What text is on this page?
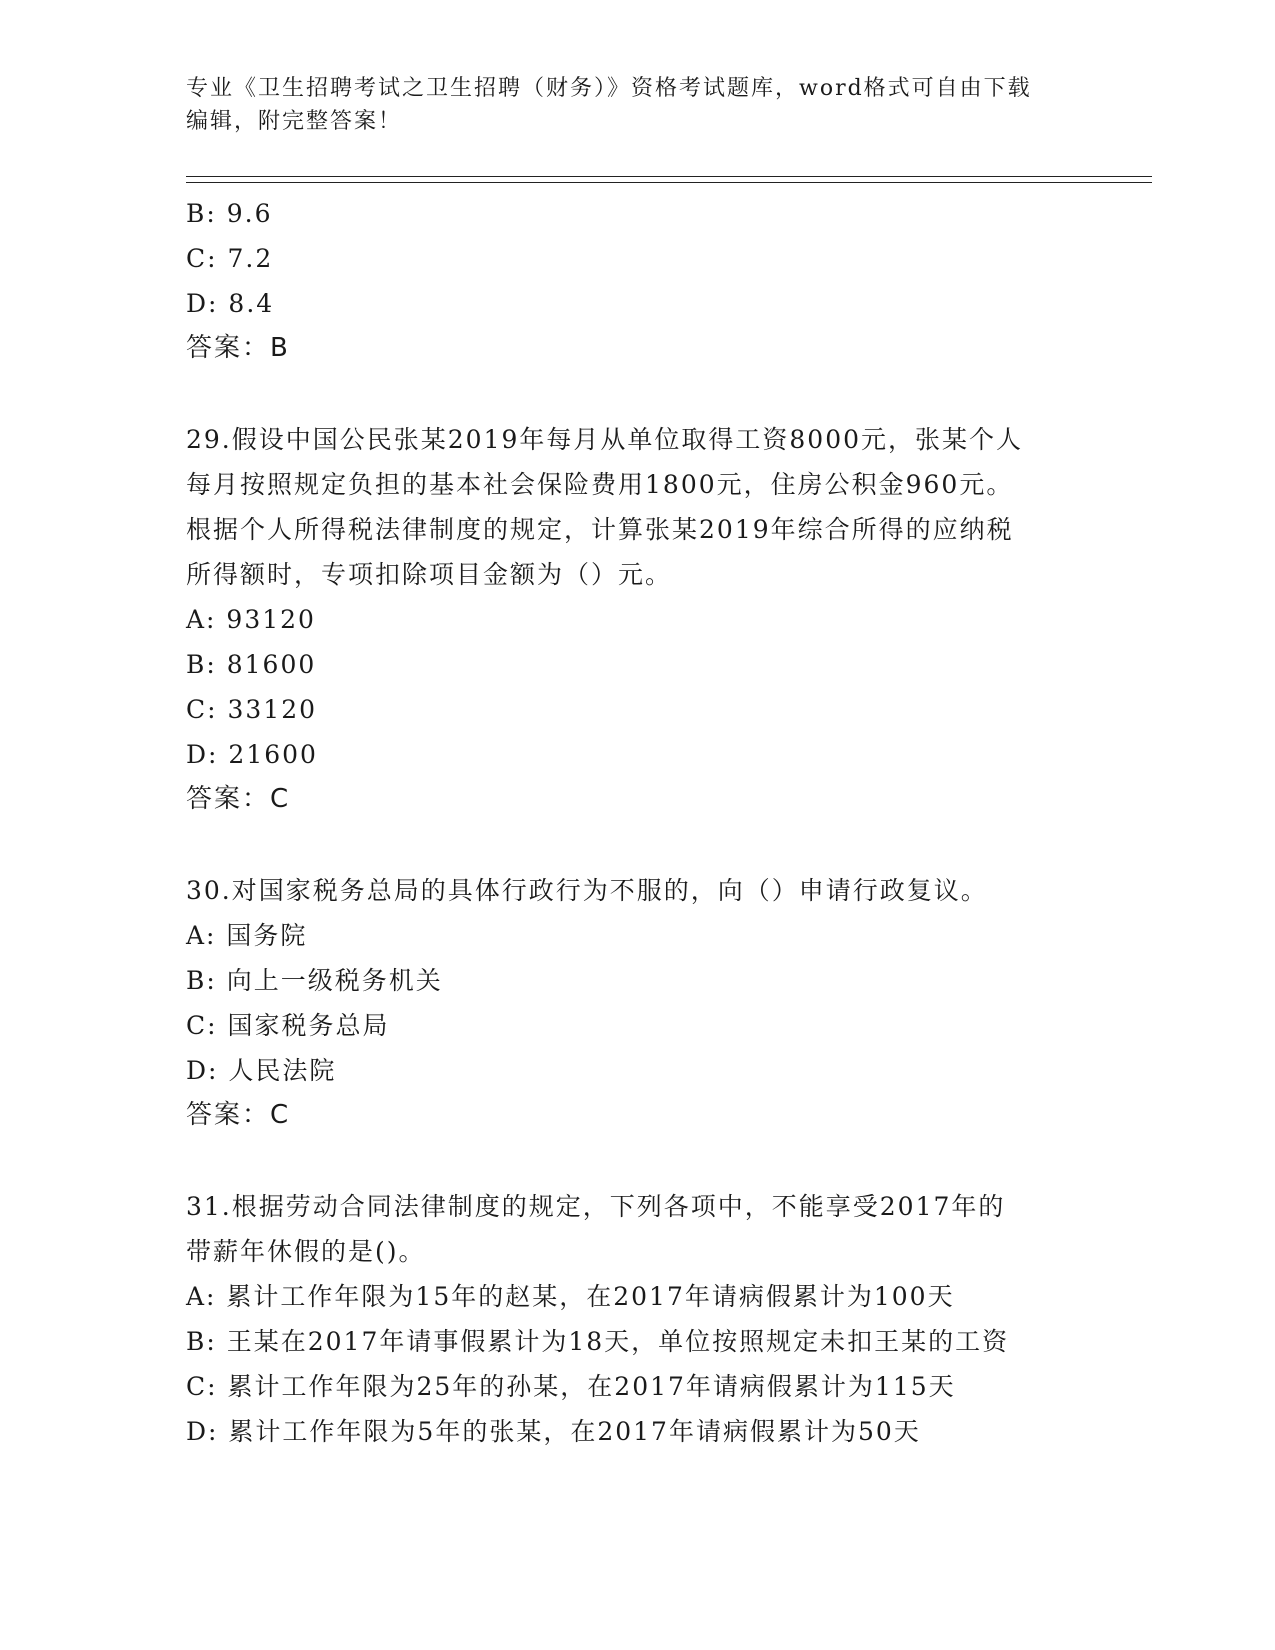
专业《卫生招聘考试之卫生招聘（财务）》资格考试题库，word格式可自由下载
编辑，附完整答案！
B: 9.6
C: 7.2
D: 8.4
答案：B
29.假设中国公民张某2019年每月从单位取得工资8000元，张某个人
每月按照规定负担的基本社会保险费用1800元，住房公积金960元。
根据个人所得税法律制度的规定，计算张某2019年综合所得的应纳税
所得额时，专项扣除项目金额为（）元。
A: 93120
B: 81600
C: 33120
D: 21600
答案：C
30.对国家税务总局的具体行政行为不服的，向（）申请行政复议。
A: 国务院
B: 向上一级税务机关
C: 国家税务总局
D: 人民法院
答案：C
31.根据劳动合同法律制度的规定，下列各项中，不能享受2017年的
带薪年休假的是()。
A: 累计工作年限为15年的赵某，在2017年请病假累计为100天
B: 王某在2017年请事假累计为18天，单位按照规定未扣王某的工资
C: 累计工作年限为25年的孙某，在2017年请病假累计为115天
D: 累计工作年限为5年的张某，在2017年请病假累计为50天
